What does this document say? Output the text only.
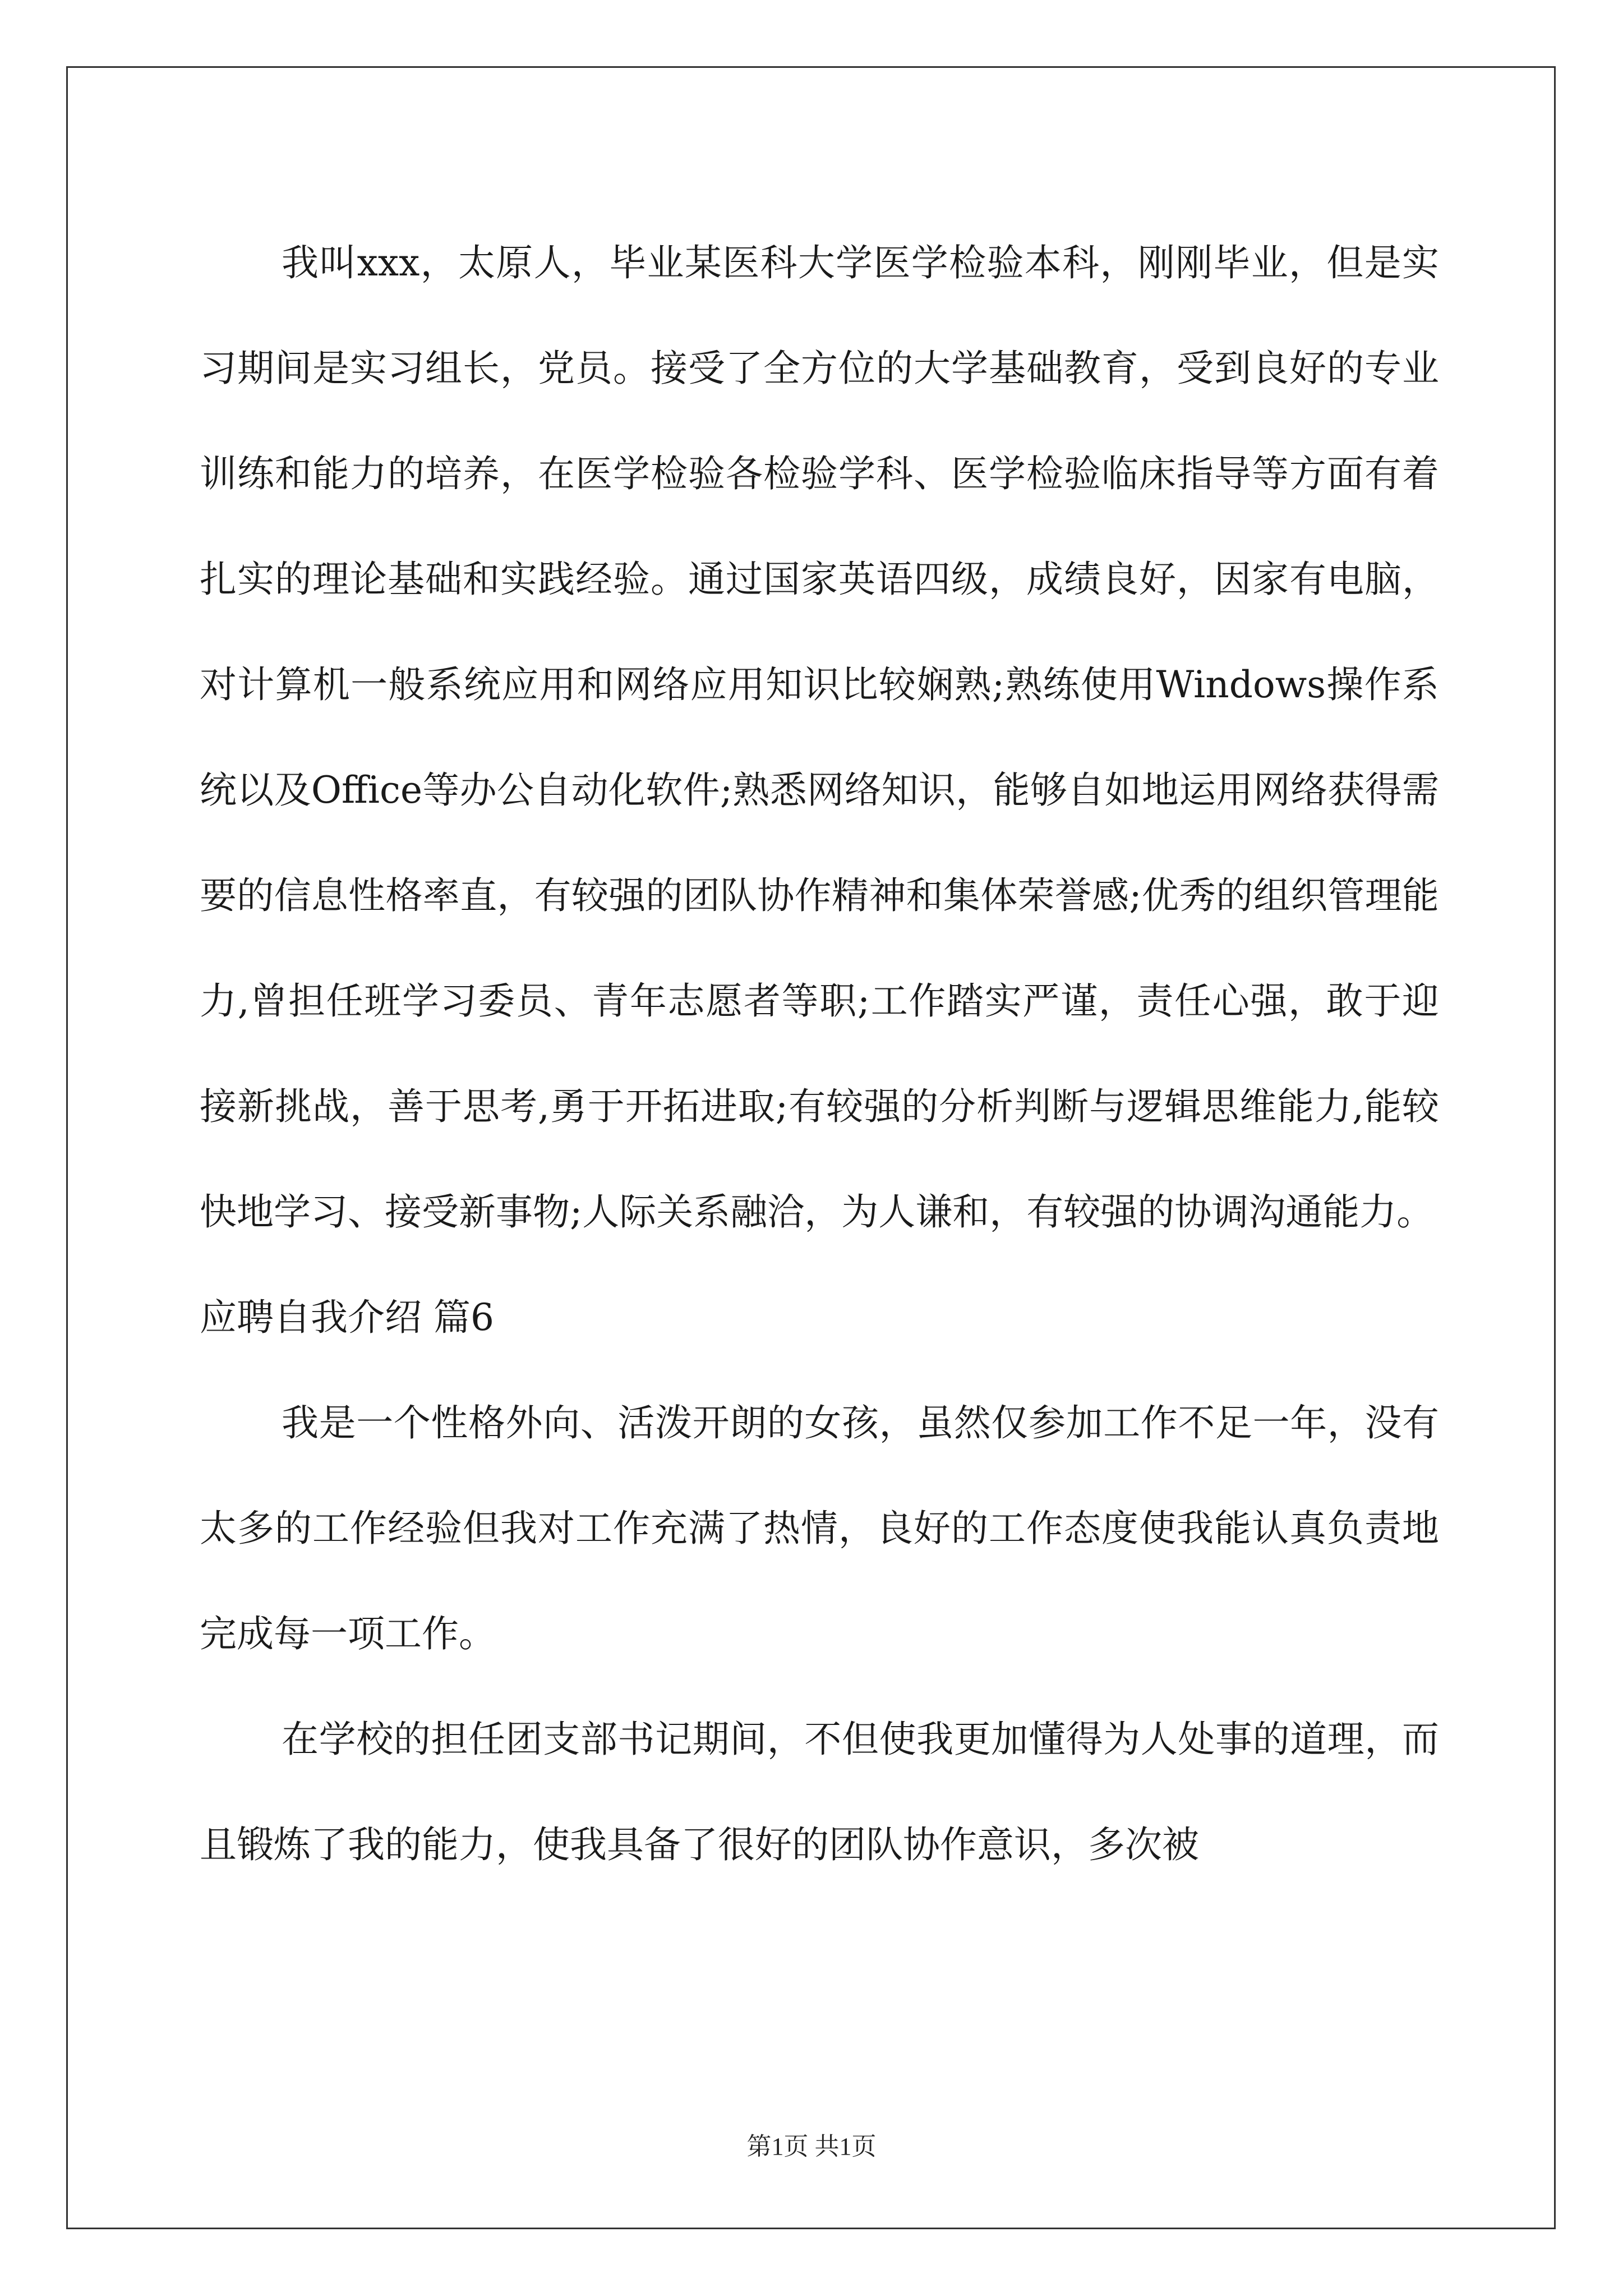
我叫xxx，太原人，毕业某医科大学医学检验本科，刚刚毕业，但是实习期间是实习组长，党员。接受了全方位的大学基础教育，受到良好的专业训练和能力的培养，在医学检验各检验学科、医学检验临床指导等方面有着扎实的理论基础和实践经验。通过国家英语四级，成绩良好，因家有电脑，对计算机一般系统应用和网络应用知识比较娴熟;熟练使用Windows操作系统以及Office等办公自动化软件;熟悉网络知识，能够自如地运用网络获得需要的信息性格率直，有较强的团队协作精神和集体荣誉感;优秀的组织管理能力,曾担任班学习委员、青年志愿者等职;工作踏实严谨，责任心强，敢于迎接新挑战，善于思考,勇于开拓进取;有较强的分析判断与逻辑思维能力,能较快地学习、接受新事物;人际关系融洽，为人谦和，有较强的协调沟通能力。

应聘自我介绍 篇6

我是一个性格外向、活泼开朗的女孩，虽然仅参加工作不足一年，没有太多的工作经验但我对工作充满了热情，良好的工作态度使我能认真负责地完成每一项工作。

在学校的担任团支部书记期间，不但使我更加懂得为人处事的道理，而且锻炼了我的能力，使我具备了很好的团队协作意识，多次被

第1页 共1页
